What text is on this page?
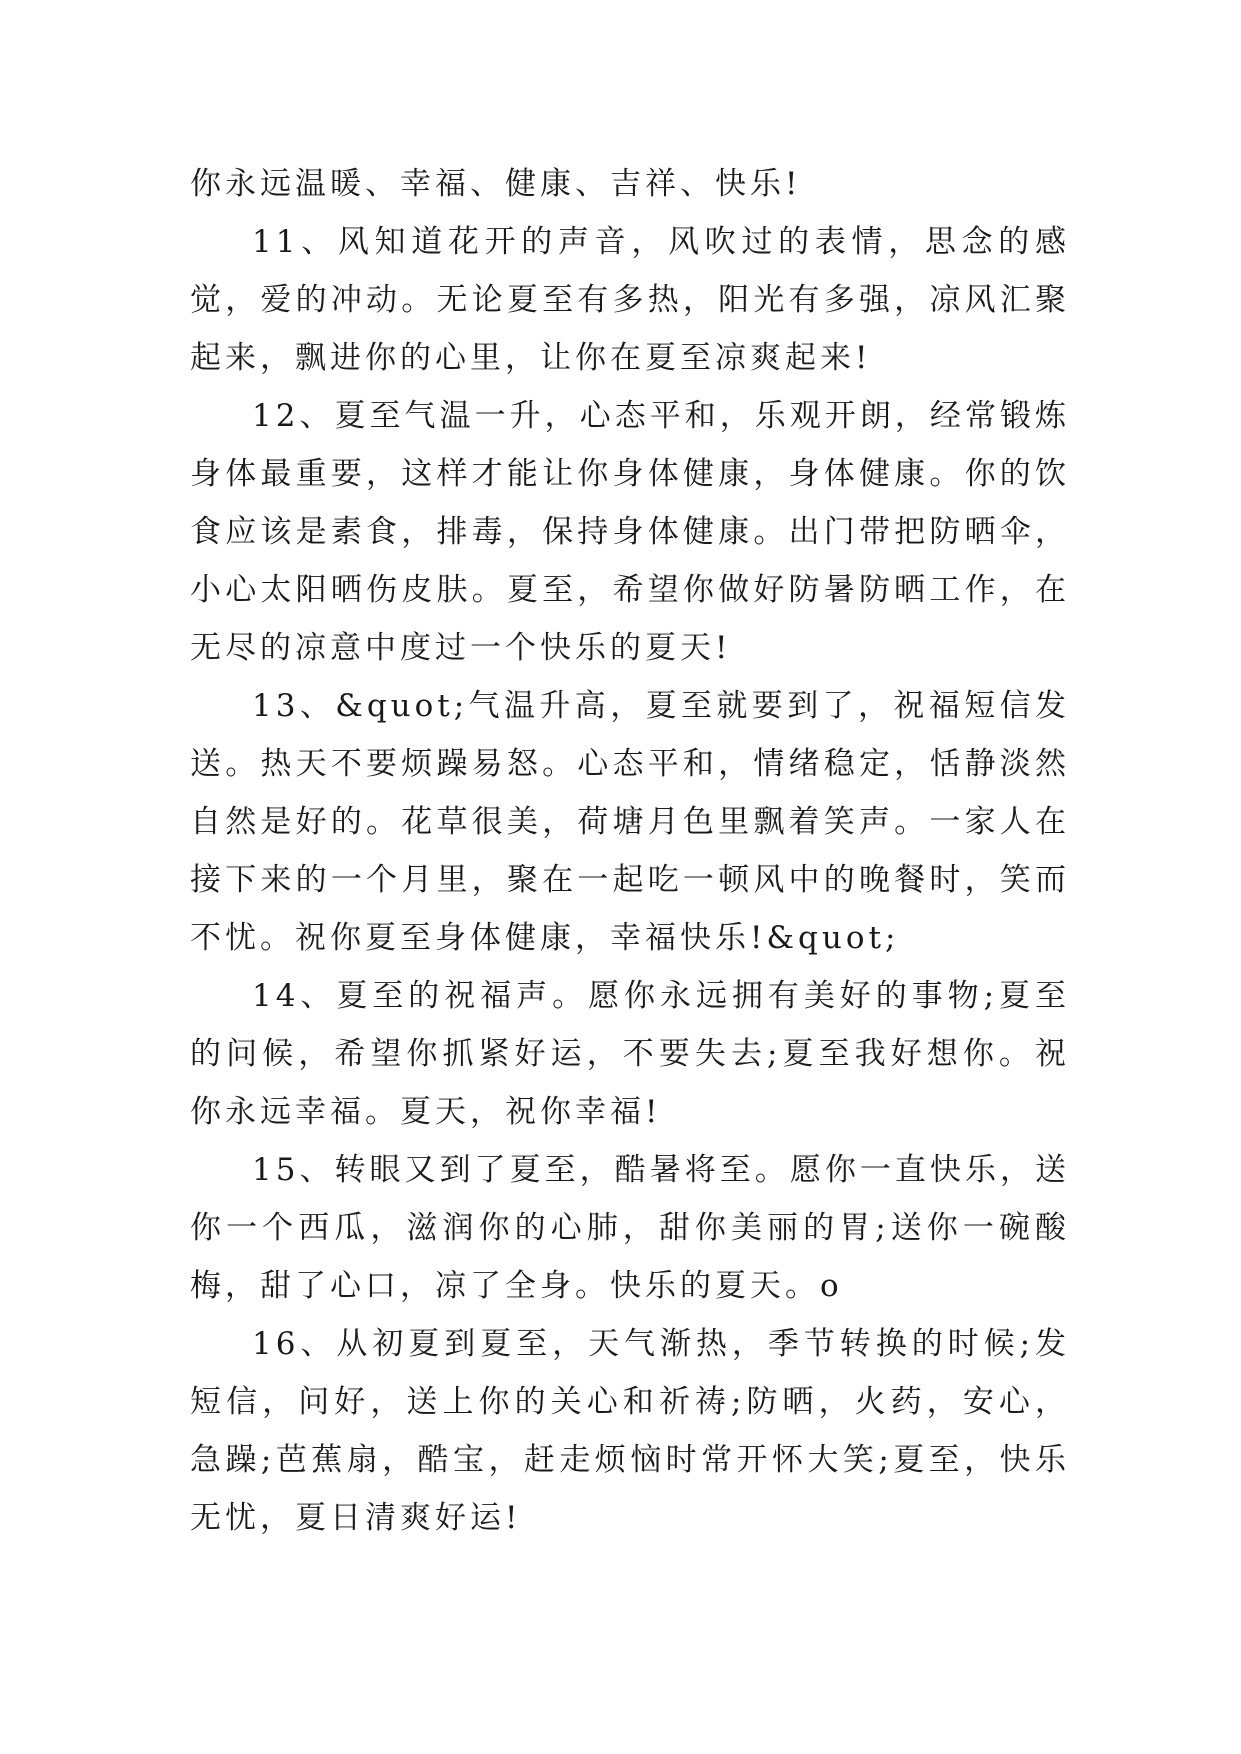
你永远温暖、幸福、健康、吉祥、快乐!

11、风知道花开的声音，风吹过的表情，思念的感觉，爱的冲动。无论夏至有多热，阳光有多强，凉风汇聚起来，飘进你的心里，让你在夏至凉爽起来!

12、夏至气温一升，心态平和，乐观开朗，经常锻炼身体最重要，这样才能让你身体健康，身体健康。你的饮食应该是素食，排毒，保持身体健康。出门带把防晒伞，小心太阳晒伤皮肤。夏至，希望你做好防暑防晒工作，在无尽的凉意中度过一个快乐的夏天!

13、&quot;气温升高，夏至就要到了，祝福短信发送。热天不要烦躁易怒。心态平和，情绪稳定，恬静淡然自然是好的。花草很美，荷塘月色里飘着笑声。一家人在接下来的一个月里，聚在一起吃一顿风中的晚餐时，笑而不忧。祝你夏至身体健康，幸福快乐!&quot;

14、夏至的祝福声。愿你永远拥有美好的事物;夏至的问候，希望你抓紧好运，不要失去;夏至我好想你。祝你永远幸福。夏天，祝你幸福!

15、转眼又到了夏至，酷暑将至。愿你一直快乐，送你一个西瓜，滋润你的心肺，甜你美丽的胃;送你一碗酸梅，甜了心口，凉了全身。快乐的夏天。o

16、从初夏到夏至，天气渐热，季节转换的时候;发短信，问好，送上你的关心和祈祷;防晒，火药，安心，急躁;芭蕉扇，酷宝，赶走烦恼时常开怀大笑;夏至，快乐无忧，夏日清爽好运!
